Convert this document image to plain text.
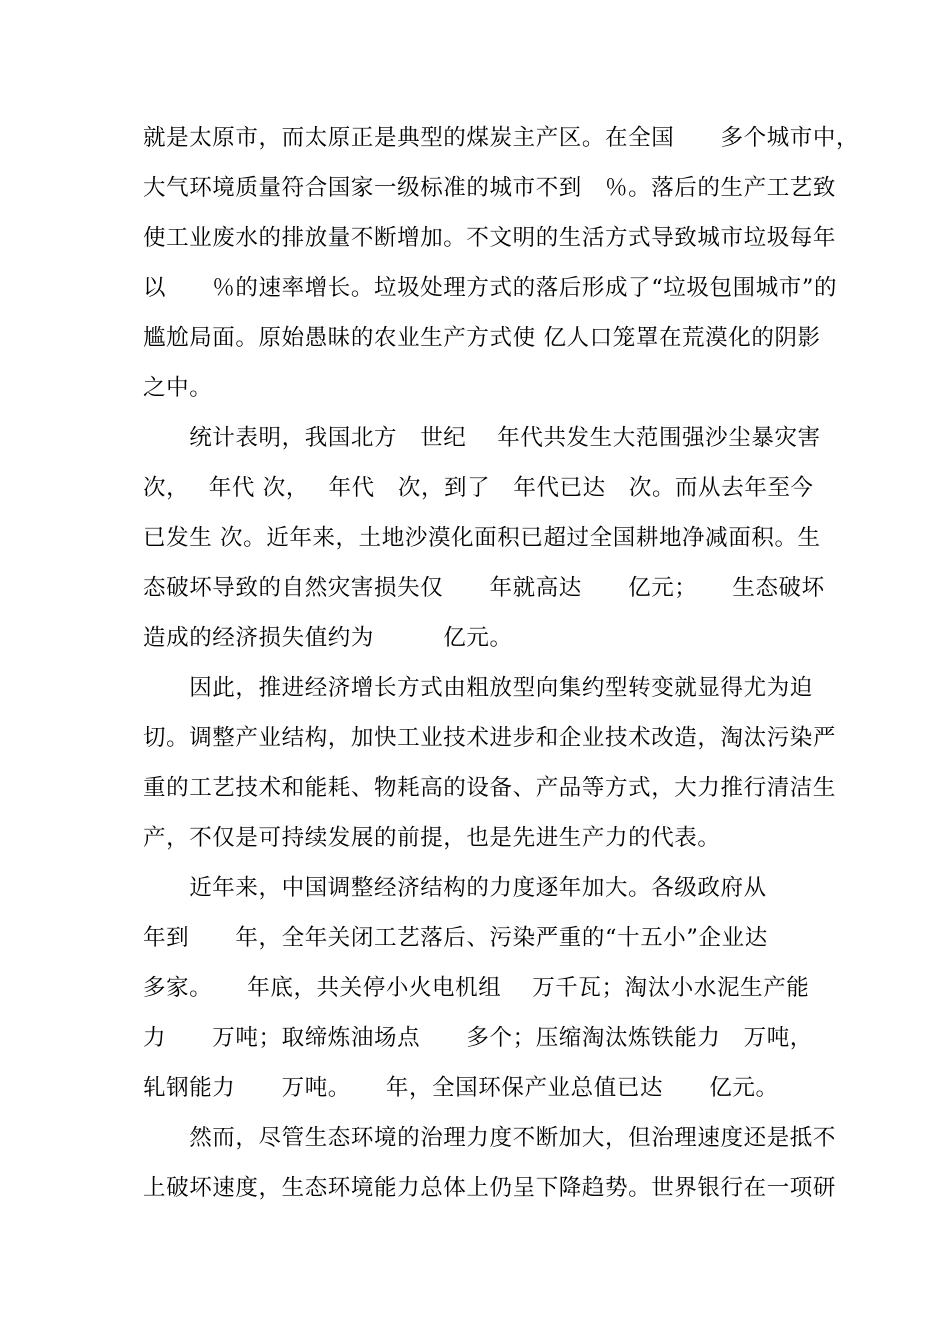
就是太原市，而太原正是典型的煤炭主产区。在全国　　多个城市中，
大气环境质量符合国家一级标准的城市不到　％。落后的生产工艺致
使工业废水的排放量不断增加。不文明的生活方式导致城市垃圾每年
以　　％的速率增长。垃圾处理方式的落后形成了“垃圾包围城市”的
尴尬局面。原始愚昧的农业生产方式使 亿人口笼罩在荒漠化的阴影
之中。
　　统计表明，我国北方　世纪　 年代共发生大范围强沙尘暴灾害
次，　 年代 次，　 年代　次，到了　年代已达　次。而从去年至今
已发生 次。近年来，土地沙漠化面积已超过全国耕地净减面积。生
态破坏导致的自然灾害损失仅　　年就高达　　亿元；　　生态破坏
造成的经济损失值约为　　　亿元。
　　因此，推进经济增长方式由粗放型向集约型转变就显得尤为迫
切。调整产业结构，加快工业技术进步和企业技术改造，淘汰污染严
重的工艺技术和能耗、物耗高的设备、产品等方式，大力推行清洁生
产，不仅是可持续发展的前提，也是先进生产力的代表。
　　近年来，中国调整经济结构的力度逐年加大。各级政府从
年到　　年，全年关闭工艺落后、污染严重的“十五小”企业达
多家。　　年底，共关停小火电机组　 万千瓦；淘汰小水泥生产能
力　　万吨；取缔炼油场点　　多个；压缩淘汰炼铁能力　万吨，
轧钢能力　　万吨。　　年，全国环保产业总值已达　　亿元。
　　然而，尽管生态环境的治理力度不断加大，但治理速度还是抵不
上破坏速度，生态环境能力总体上仍呈下降趋势。世界银行在一项研
